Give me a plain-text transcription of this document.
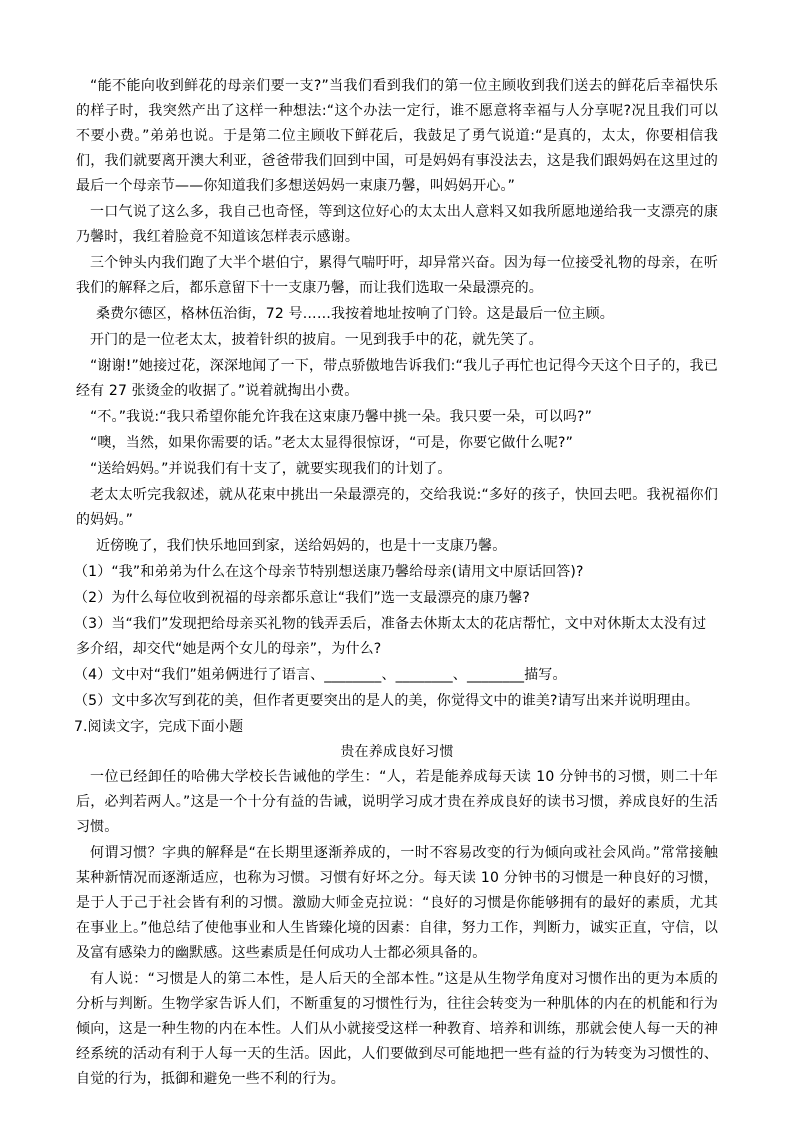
“能不能向收到鲜花的母亲们要一支?”当我们看到我们的第一位主顾收到我们送去的鲜花后幸福快乐的样子时，我突然产出了这样一种想法:“这个办法一定行，谁不愿意将幸福与人分享呢?况且我们可以不要小费。”弟弟也说。于是第二位主顾收下鲜花后，我鼓足了勇气说道:“是真的，太太，你要相信我们，我们就要离开澳大利亚，爸爸带我们回到中国，可是妈妈有事没法去，这是我们跟妈妈在这里过的最后一个母亲节——你知道我们多想送妈妈一束康乃馨，叫妈妈开心。”

一口气说了这么多，我自己也奇怪，等到这位好心的太太出人意料又如我所愿地递给我一支漂亮的康乃馨时，我红着脸竟不知道该怎样表示感谢。

三个钟头内我们跑了大半个堪伯宁，累得气喘吁吁，却异常兴奋。因为每一位接受礼物的母亲，在听我们的解释之后，都乐意留下十一支康乃馨，而让我们选取一朵最漂亮的。

桑费尔德区，格林伍治街，72 号……我按着地址按响了门铃。这是最后一位主顾。

开门的是一位老太太，披着针织的披肩。一见到我手中的花，就先笑了。

“谢谢!”她接过花，深深地闻了一下，带点骄傲地告诉我们:“我儿子再忙也记得今天这个日子的，我已经有 27 张烫金的收据了。”说着就掏出小费。

“不。”我说:“我只希望你能允许我在这束康乃馨中挑一朵。我只要一朵，可以吗?”

“噢，当然，如果你需要的话。”老太太显得很惊讶，“可是，你要它做什么呢?”

“送给妈妈。”并说我们有十支了，就要实现我们的计划了。

老太太听完我叙述，就从花束中挑出一朵最漂亮的，交给我说:“多好的孩子，快回去吧。我祝福你们的妈妈。”

近傍晚了，我们快乐地回到家，送给妈妈的，也是十一支康乃馨。

（1）“我”和弟弟为什么在这个母亲节特别想送康乃馨给母亲(请用文中原话回答)?

（2）为什么每位收到祝福的母亲都乐意让“我们”选一支最漂亮的康乃馨?

（3）当“我们”发现把给母亲买礼物的钱弄丢后，准备去休斯太太的花店帮忙，文中对休斯太太没有过多介绍，却交代“她是两个女儿的母亲”，为什么?

（4）文中对“我们”姐弟俩进行了语言、________、________、________描写。

（5）文中多次写到花的美，但作者更要突出的是人的美，你觉得文中的谁美?请写出来并说明理由。

7.阅读文字，完成下面小题

贵在养成良好习惯

一位已经卸任的哈佛大学校长告诫他的学生：“人，若是能养成每天读 10 分钟书的习惯，则二十年后，必判若两人。”这是一个十分有益的告诫，说明学习成才贵在养成良好的读书习惯，养成良好的生活习惯。

何谓习惯？字典的解释是“在长期里逐渐养成的，一时不容易改变的行为倾向或社会风尚。”常常接触某种新情况而逐渐适应，也称为习惯。习惯有好坏之分。每天读 10 分钟书的习惯是一种良好的习惯，是于人于己于社会皆有利的习惯。激励大师金克拉说：“良好的习惯是你能够拥有的最好的素质，尤其在事业上。”他总结了使他事业和人生皆臻化境的因素：自律，努力工作，判断力，诚实正直，守信，以及富有感染力的幽默感。这些素质是任何成功人士都必须具备的。

有人说：“习惯是人的第二本性，是人后天的全部本性。”这是从生物学角度对习惯作出的更为本质的分析与判断。生物学家告诉人们，不断重复的习惯性行为，往往会转变为一种肌体的内在的机能和行为倾向，这是一种生物的内在本性。人们从小就接受这样一种教育、培养和训练，那就会使人每一天的神经系统的活动有利于人每一天的生活。因此，人们要做到尽可能地把一些有益的行为转变为习惯性的、自觉的行为，抵御和避免一些不利的行为。
